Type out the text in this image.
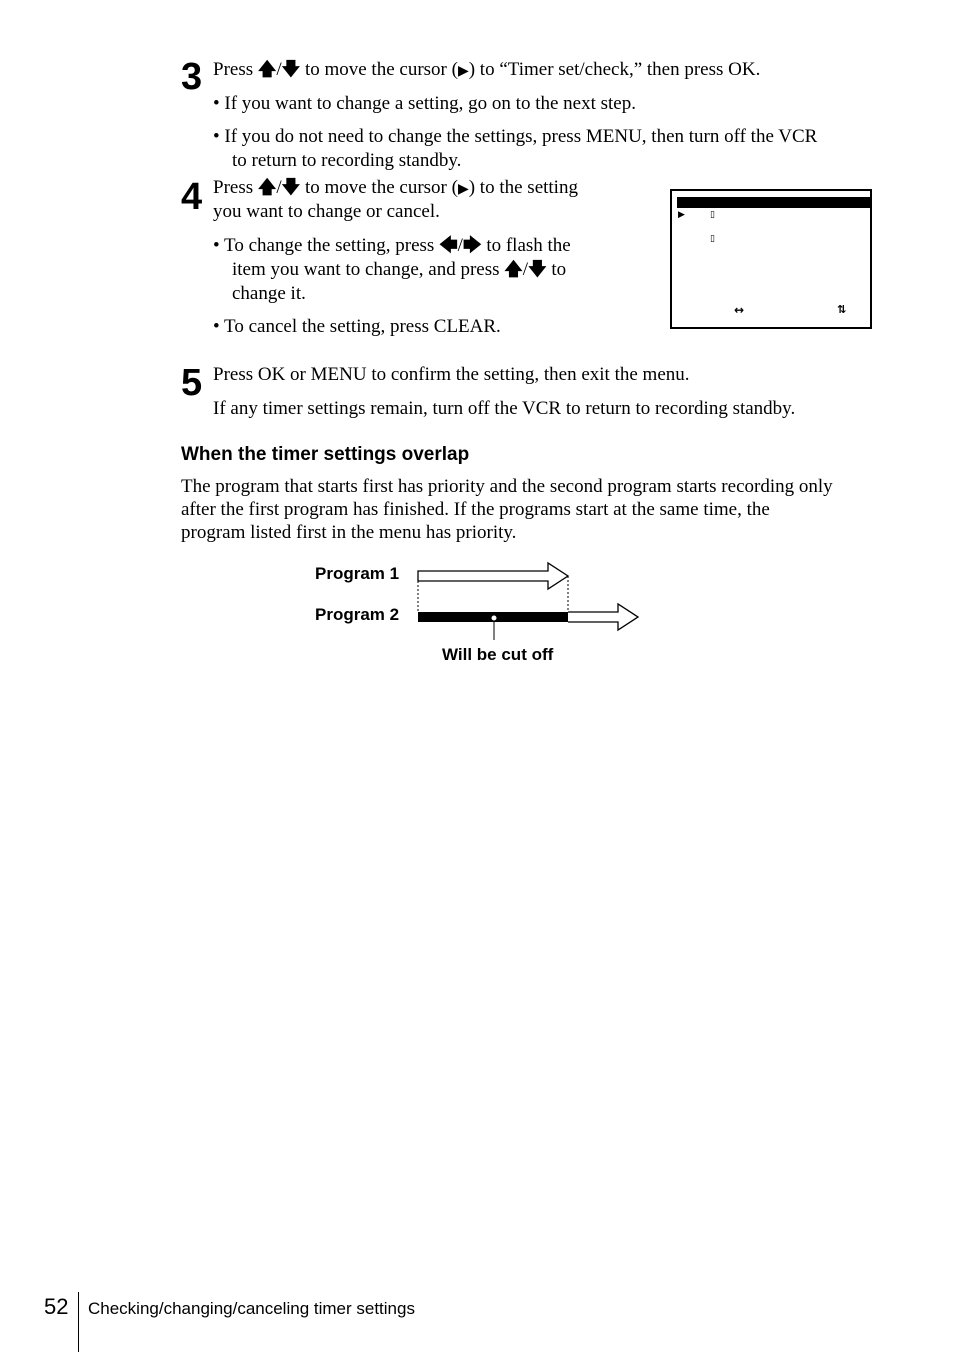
3 Press 🡅/🡇 to move the cursor (▶) to “Timer set/check,” then press OK.
• If you want to change a setting, go on to the next step.
• If you do not need to change the settings, press MENU, then turn off the VCR
to return to recording standby.
4 Press 🡅/🡇 to move the cursor (▶) to the setting
you want to change or cancel.
• To change the setting, press 🡄/🡆 to flash the
item you want to change, and press 🡅/🡇 to
change it.
• To cancel the setting, press CLEAR.
▶	▯
▯
↔	⇅
5 Press OK or MENU to confirm the setting, then exit the menu.
If any timer settings remain, turn off the VCR to return to recording standby.
When the timer settings overlap
The program that starts first has priority and the second program starts recording only
after the first program has finished. If the programs start at the same time, the
program listed first in the menu has priority.
Program 1
Program 2
Will be cut off
52 Checking/changing/canceling timer settings
